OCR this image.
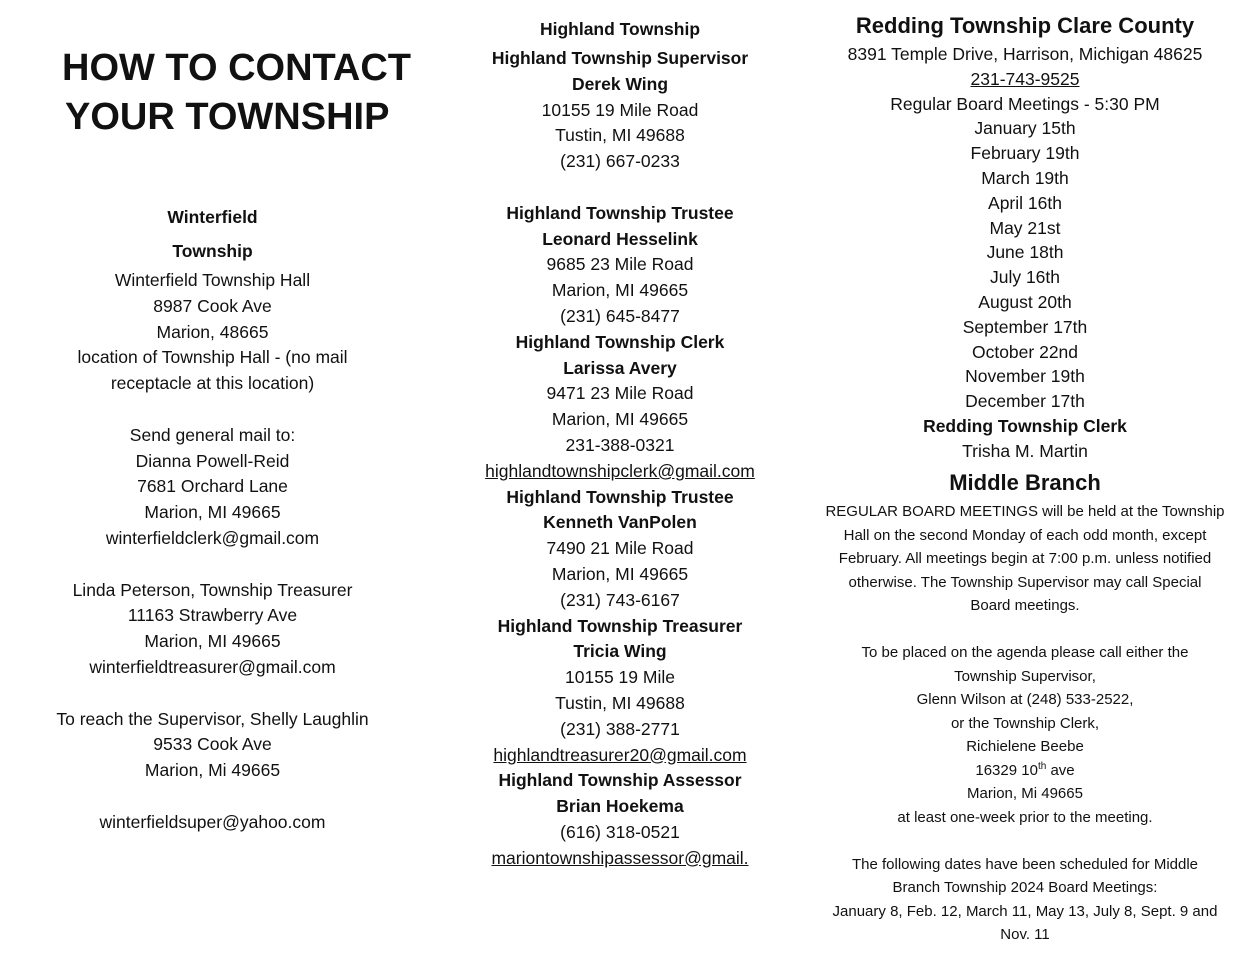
HOW TO CONTACT
YOUR TOWNSHIP
Winterfield
Township
Winterfield Township Hall
8987 Cook Ave
Marion, 48665
location of Township Hall - (no mail
receptacle at this location)
Send general mail to:
Dianna Powell-Reid
7681 Orchard Lane
Marion, MI 49665
winterfieldclerk@gmail.com
Linda Peterson, Township Treasurer
11163 Strawberry Ave
Marion, MI 49665
winterfieldtreasurer@gmail.com
To reach the Supervisor, Shelly Laughlin
9533 Cook Ave
Marion, Mi 49665
winterfieldsuper@yahoo.com
Highland Township
Highland Township Supervisor
Derek Wing
10155 19 Mile Road
Tustin, MI 49688
(231) 667-0233
Highland Township Trustee
Leonard Hesselink
9685 23 Mile Road
Marion, MI 49665
(231) 645-8477
Highland Township Clerk
Larissa Avery
9471 23 Mile Road
Marion, MI 49665
231-388-0321
highlandtownshipclerk@gmail.com
Highland Township Trustee
Kenneth VanPolen
7490 21 Mile Road
Marion, MI 49665
(231) 743-6167
Highland Township Treasurer
Tricia Wing
10155 19 Mile
Tustin, MI 49688
(231) 388-2771
highlandtreasurer20@gmail.com
Highland Township Assessor
Brian Hoekema
(616) 318-0521
mariontownshipassessor@gmail.
Redding Township Clare County
8391 Temple Drive, Harrison, Michigan 48625
231-743-9525
Regular Board Meetings - 5:30 PM
January 15th
February 19th
March 19th
April 16th
May 21st
June 18th
July 16th
August 20th
September 17th
October 22nd
November 19th
December 17th
Redding Township Clerk
Trisha M. Martin
Middle Branch
REGULAR BOARD MEETINGS will be held at the Township
Hall on the second Monday of each odd month, except
February. All meetings begin at 7:00 p.m. unless notified
otherwise. The Township Supervisor may call Special
Board meetings.
To be placed on the agenda please call either the
Township Supervisor,
Glenn Wilson at (248) 533-2522,
or the Township Clerk,
Richielene Beebe
16329 10th ave
Marion, Mi 49665
at least one-week prior to the meeting.
The following dates have been scheduled for Middle
Branch Township 2024 Board Meetings:
January 8, Feb. 12, March 11, May 13, July 8, Sept. 9 and
Nov. 11
